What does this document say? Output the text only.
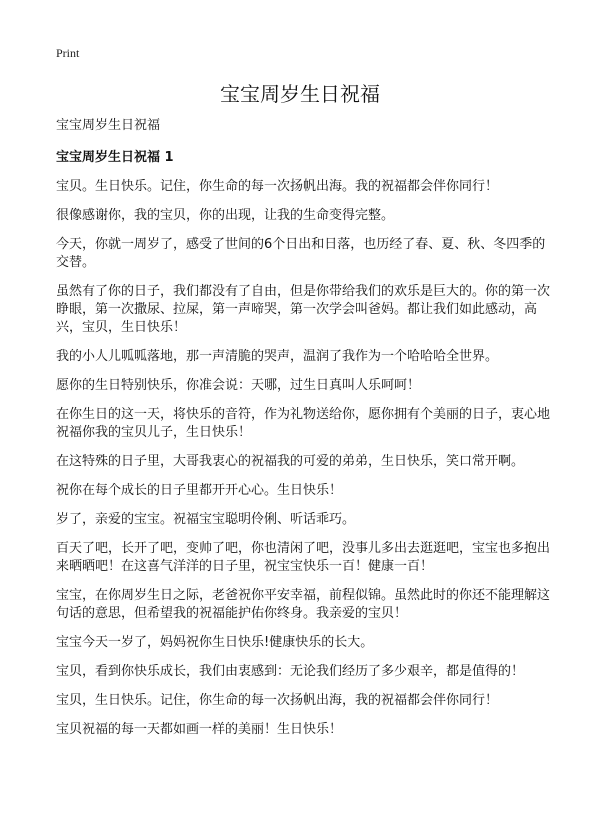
Print
宝宝周岁生日祝福

宝宝周岁生日祝福

宝宝周岁生日祝福 1

宝贝。生日快乐。记住，你生命的每一次扬帆出海。我的祝福都会伴你同行！

很像感谢你，我的宝贝，你的出现，让我的生命变得完整。

今天，你就一周岁了，感受了世间的6个日出和日落，也历经了春、夏、秋、冬四季的交替。

虽然有了你的日子，我们都没有了自由，但是你带给我们的欢乐是巨大的。你的第一次睁眼，第一次撒尿、拉屎，第一声啼哭，第一次学会叫爸妈。都让我们如此感动，高兴，宝贝，生日快乐！

我的小人儿呱呱落地，那一声清脆的哭声，温润了我作为一个哈哈哈全世界。

愿你的生日特别快乐，你准会说：天哪，过生日真叫人乐呵呵！

在你生日的这一天，将快乐的音符，作为礼物送给你，愿你拥有个美丽的日子，衷心地祝福你我的宝贝儿子，生日快乐！

在这特殊的日子里，大哥我衷心的祝福我的可爱的弟弟，生日快乐，笑口常开啊。

祝你在每个成长的日子里都开开心心。生日快乐！

岁了，亲爱的宝宝。祝福宝宝聪明伶俐、听话乖巧。

百天了吧，长开了吧，变帅了吧，你也清闲了吧，没事儿多出去逛逛吧，宝宝也多抱出来晒晒吧！在这喜气洋洋的日子里，祝宝宝快乐一百！健康一百！

宝宝，在你周岁生日之际，老爸祝你平安幸福，前程似锦。虽然此时的你还不能理解这句话的意思，但希望我的祝福能护佑你终身。我亲爱的宝贝！

宝宝今天一岁了，妈妈祝你生日快乐!健康快乐的长大。

宝贝，看到你快乐成长，我们由衷感到：无论我们经历了多少艰辛，都是值得的！

宝贝，生日快乐。记住，你生命的每一次扬帆出海，我的祝福都会伴你同行！

宝贝祝福的每一天都如画一样的美丽！生日快乐！
